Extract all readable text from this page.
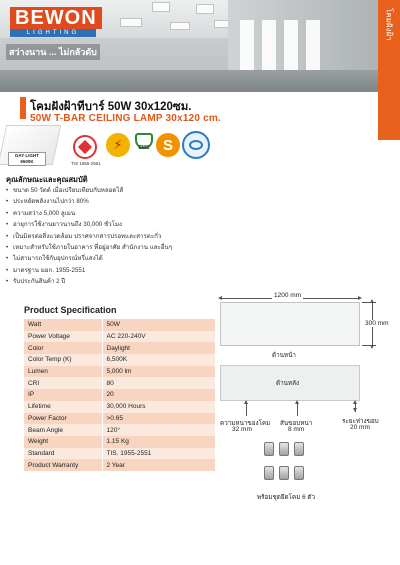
BEWON
LIGHTING
สว่างนาน ... ไม่กลัวดับ
โคมฝังฝ้า
โคมฝังฝ้าทีบาร์ 50W 30x120ซม.
50W T-BAR CEILING LAMP 30x120 cm.
DAY LIGHT
6500K	TIS 1955-2551
⚡	EMC S
คุณลักษณะและคุณสมบัติ
• ขนาด 50 วัตต์ เมื่อเปรียบเทียบกับหลอดไส้
• ประหยัดพลังงานไปกว่า 80%
• ความสว่าง 5,000 ลูเมน
• อายุการใช้งานยาวนานถึง 30,000 ชั่วโมง
• เป็นมิตรต่อสิ่งแวดล้อม ปราศจากสารปรอทและสารตะกั่ว
• เหมาะสำหรับใช้ภายในอาคาร ที่อยู่อาศัย สำนักงาน และอื่นๆ
• ไม่สามารถใช้กับอุปกรณ์หรี่แสงได้
• มาตรฐาน มอก. 1955-2551
• รับประกันสินค้า 2 ปี
Product Specification
Watt	50W
Power Voltage	AC 220-240V
Color	Daylight
Color Temp (K)	6,500K
Lumen	5,000 lm
CRI	80
IP	20
Lifetime	30,000 Hours
Power Factor	>0.65
Beam Angle	120°
Weight	1.15 Kg
Standard	TIS. 1955-2551
Product Warranty	2 Year
1200 mm
300 mm
ด้านหน้า
ด้านหลัง
ความหนาของโคม
32 mm
สันขอบหนา
8 mm
ระยะห่างขอบ
20 mm
พร้อมชุดยึดโคม 6 ตัว
